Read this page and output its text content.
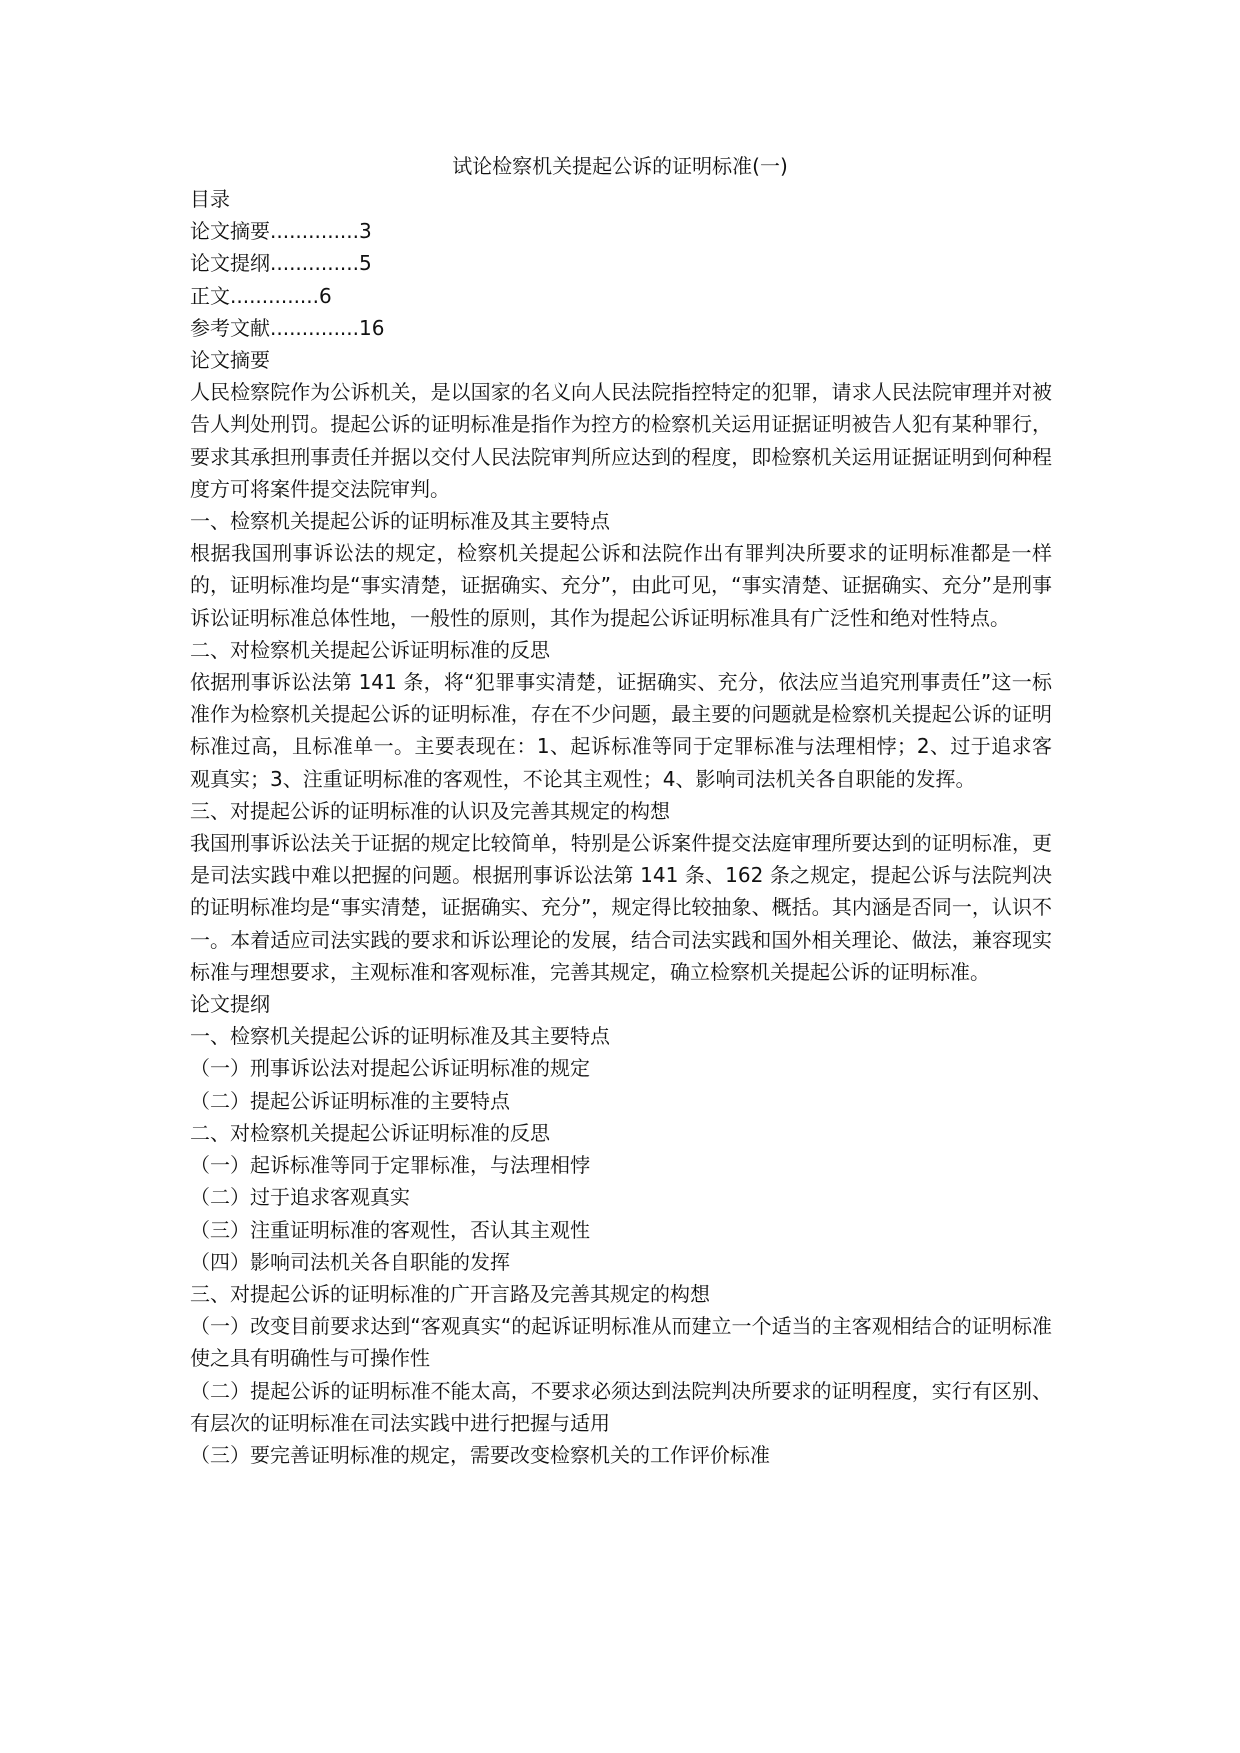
试论检察机关提起公诉的证明标准(一)

目录

论文摘要..............3

论文提纲..............5

正文..............6

参考文献..............16

论文摘要

人民检察院作为公诉机关，是以国家的名义向人民法院指控特定的犯罪，请求人民法院审理并对被告人判处刑罚。提起公诉的证明标准是指作为控方的检察机关运用证据证明被告人犯有某种罪行，要求其承担刑事责任并据以交付人民法院审判所应达到的程度，即检察机关运用证据证明到何种程度方可将案件提交法院审判。

一、检察机关提起公诉的证明标准及其主要特点

根据我国刑事诉讼法的规定，检察机关提起公诉和法院作出有罪判决所要求的证明标准都是一样的，证明标准均是“事实清楚，证据确实、充分”，由此可见，“事实清楚、证据确实、充分”是刑事诉讼证明标准总体性地，一般性的原则，其作为提起公诉证明标准具有广泛性和绝对性特点。

二、对检察机关提起公诉证明标准的反思

依据刑事诉讼法第 141 条，将“犯罪事实清楚，证据确实、充分，依法应当追究刑事责任”这一标准作为检察机关提起公诉的证明标准，存在不少问题，最主要的问题就是检察机关提起公诉的证明标准过高，且标准单一。主要表现在：1、起诉标准等同于定罪标准与法理相悖；2、过于追求客观真实；3、注重证明标准的客观性，不论其主观性；4、影响司法机关各自职能的发挥。

三、对提起公诉的证明标准的认识及完善其规定的构想

我国刑事诉讼法关于证据的规定比较简单，特别是公诉案件提交法庭审理所要达到的证明标准，更是司法实践中难以把握的问题。根据刑事诉讼法第 141 条、162 条之规定，提起公诉与法院判决的证明标准均是“事实清楚，证据确实、充分”，规定得比较抽象、概括。其内涵是否同一，认识不一。本着适应司法实践的要求和诉讼理论的发展，结合司法实践和国外相关理论、做法，兼容现实标准与理想要求，主观标准和客观标准，完善其规定，确立检察机关提起公诉的证明标准。

论文提纲

一、检察机关提起公诉的证明标准及其主要特点

（一）刑事诉讼法对提起公诉证明标准的规定

（二）提起公诉证明标准的主要特点

二、对检察机关提起公诉证明标准的反思

（一）起诉标准等同于定罪标准，与法理相悖

（二）过于追求客观真实

（三）注重证明标准的客观性，否认其主观性

（四）影响司法机关各自职能的发挥

三、对提起公诉的证明标准的广开言路及完善其规定的构想

（一）改变目前要求达到“客观真实“的起诉证明标准从而建立一个适当的主客观相结合的证明标准使之具有明确性与可操作性

（二）提起公诉的证明标准不能太高，不要求必须达到法院判决所要求的证明程度，实行有区别、有层次的证明标准在司法实践中进行把握与适用

（三）要完善证明标准的规定，需要改变检察机关的工作评价标准
